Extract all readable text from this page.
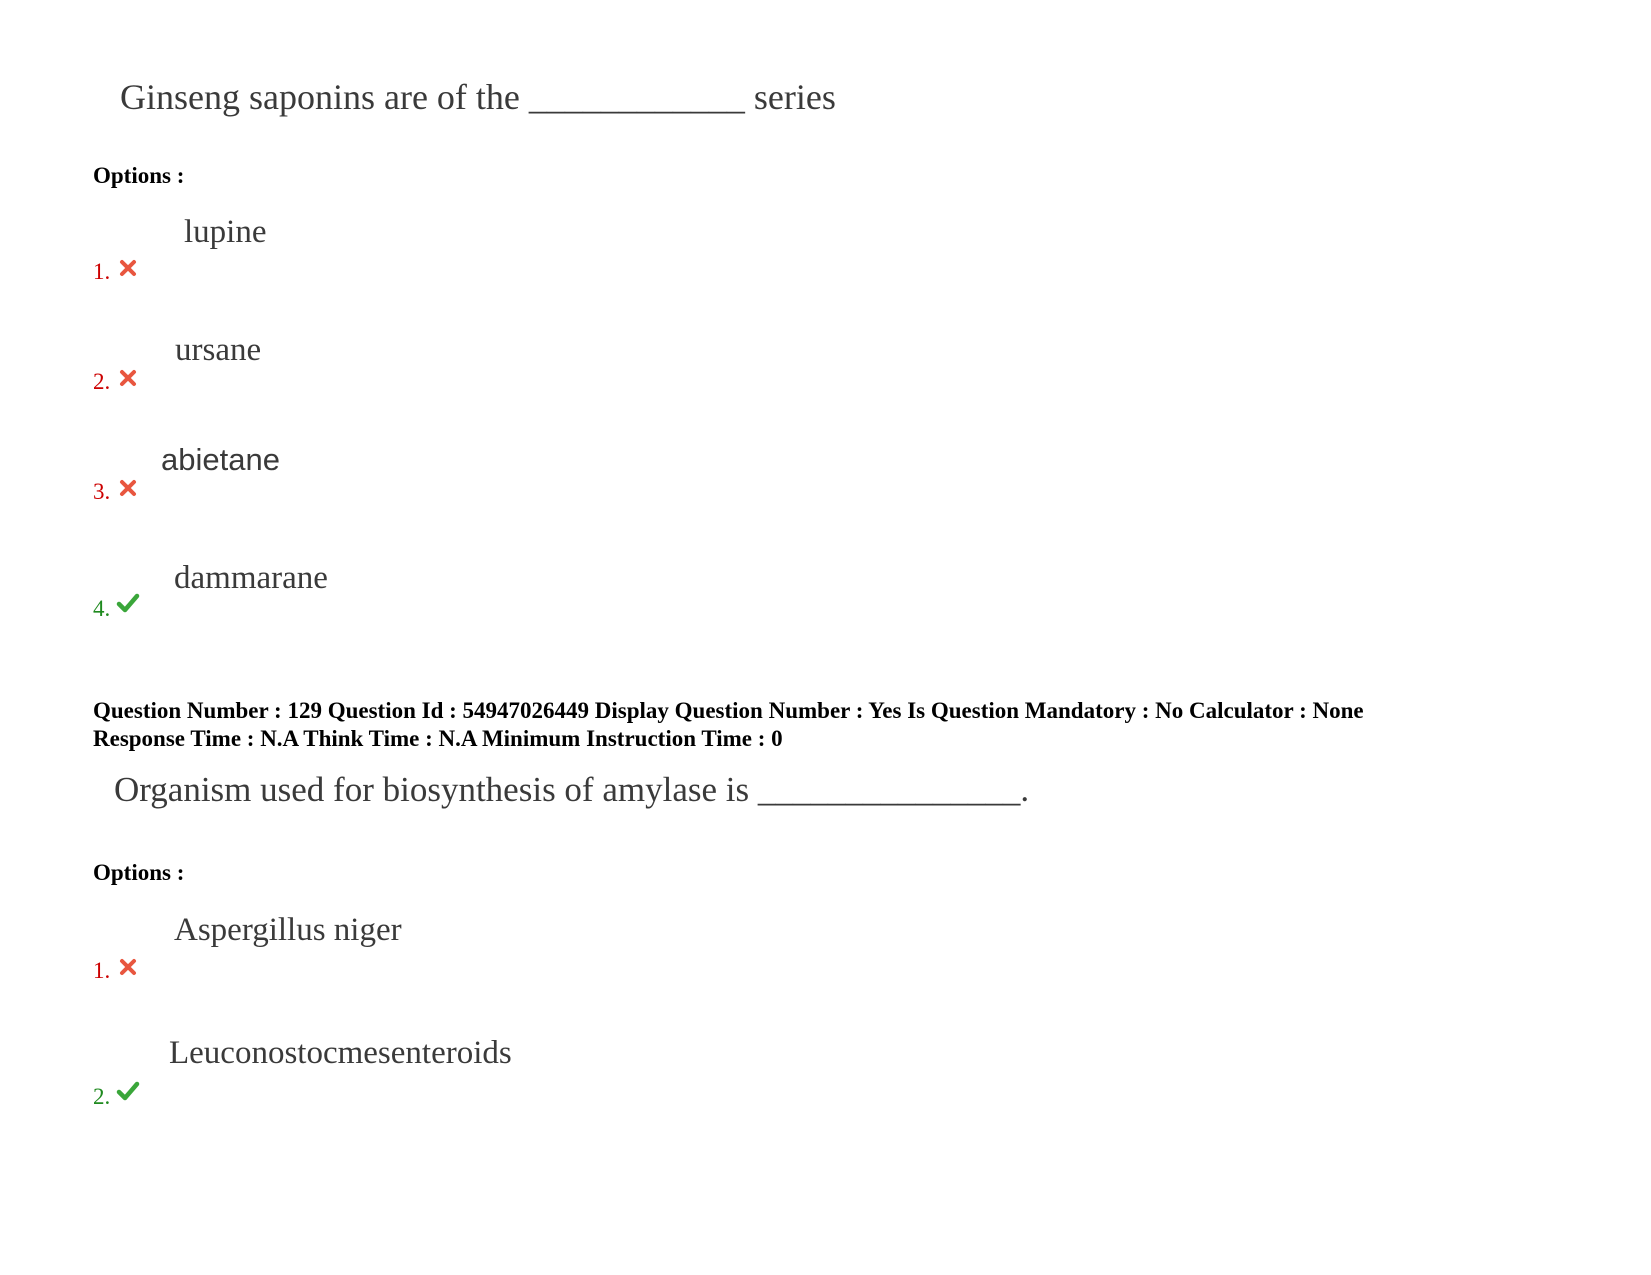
Ginseng saponins are of the ____________ series
Options :
lupine
1.
ursane
2.
abietane
3.
dammarane
4.
Question Number : 129 Question Id : 54947026449 Display Question Number : Yes Is Question Mandatory : No Calculator : None
Response Time : N.A Think Time : N.A Minimum Instruction Time : 0
Organism used for biosynthesis of amylase is _______________.
Options :
Aspergillus niger
1.
Leuconostocmesenteroids
2.
